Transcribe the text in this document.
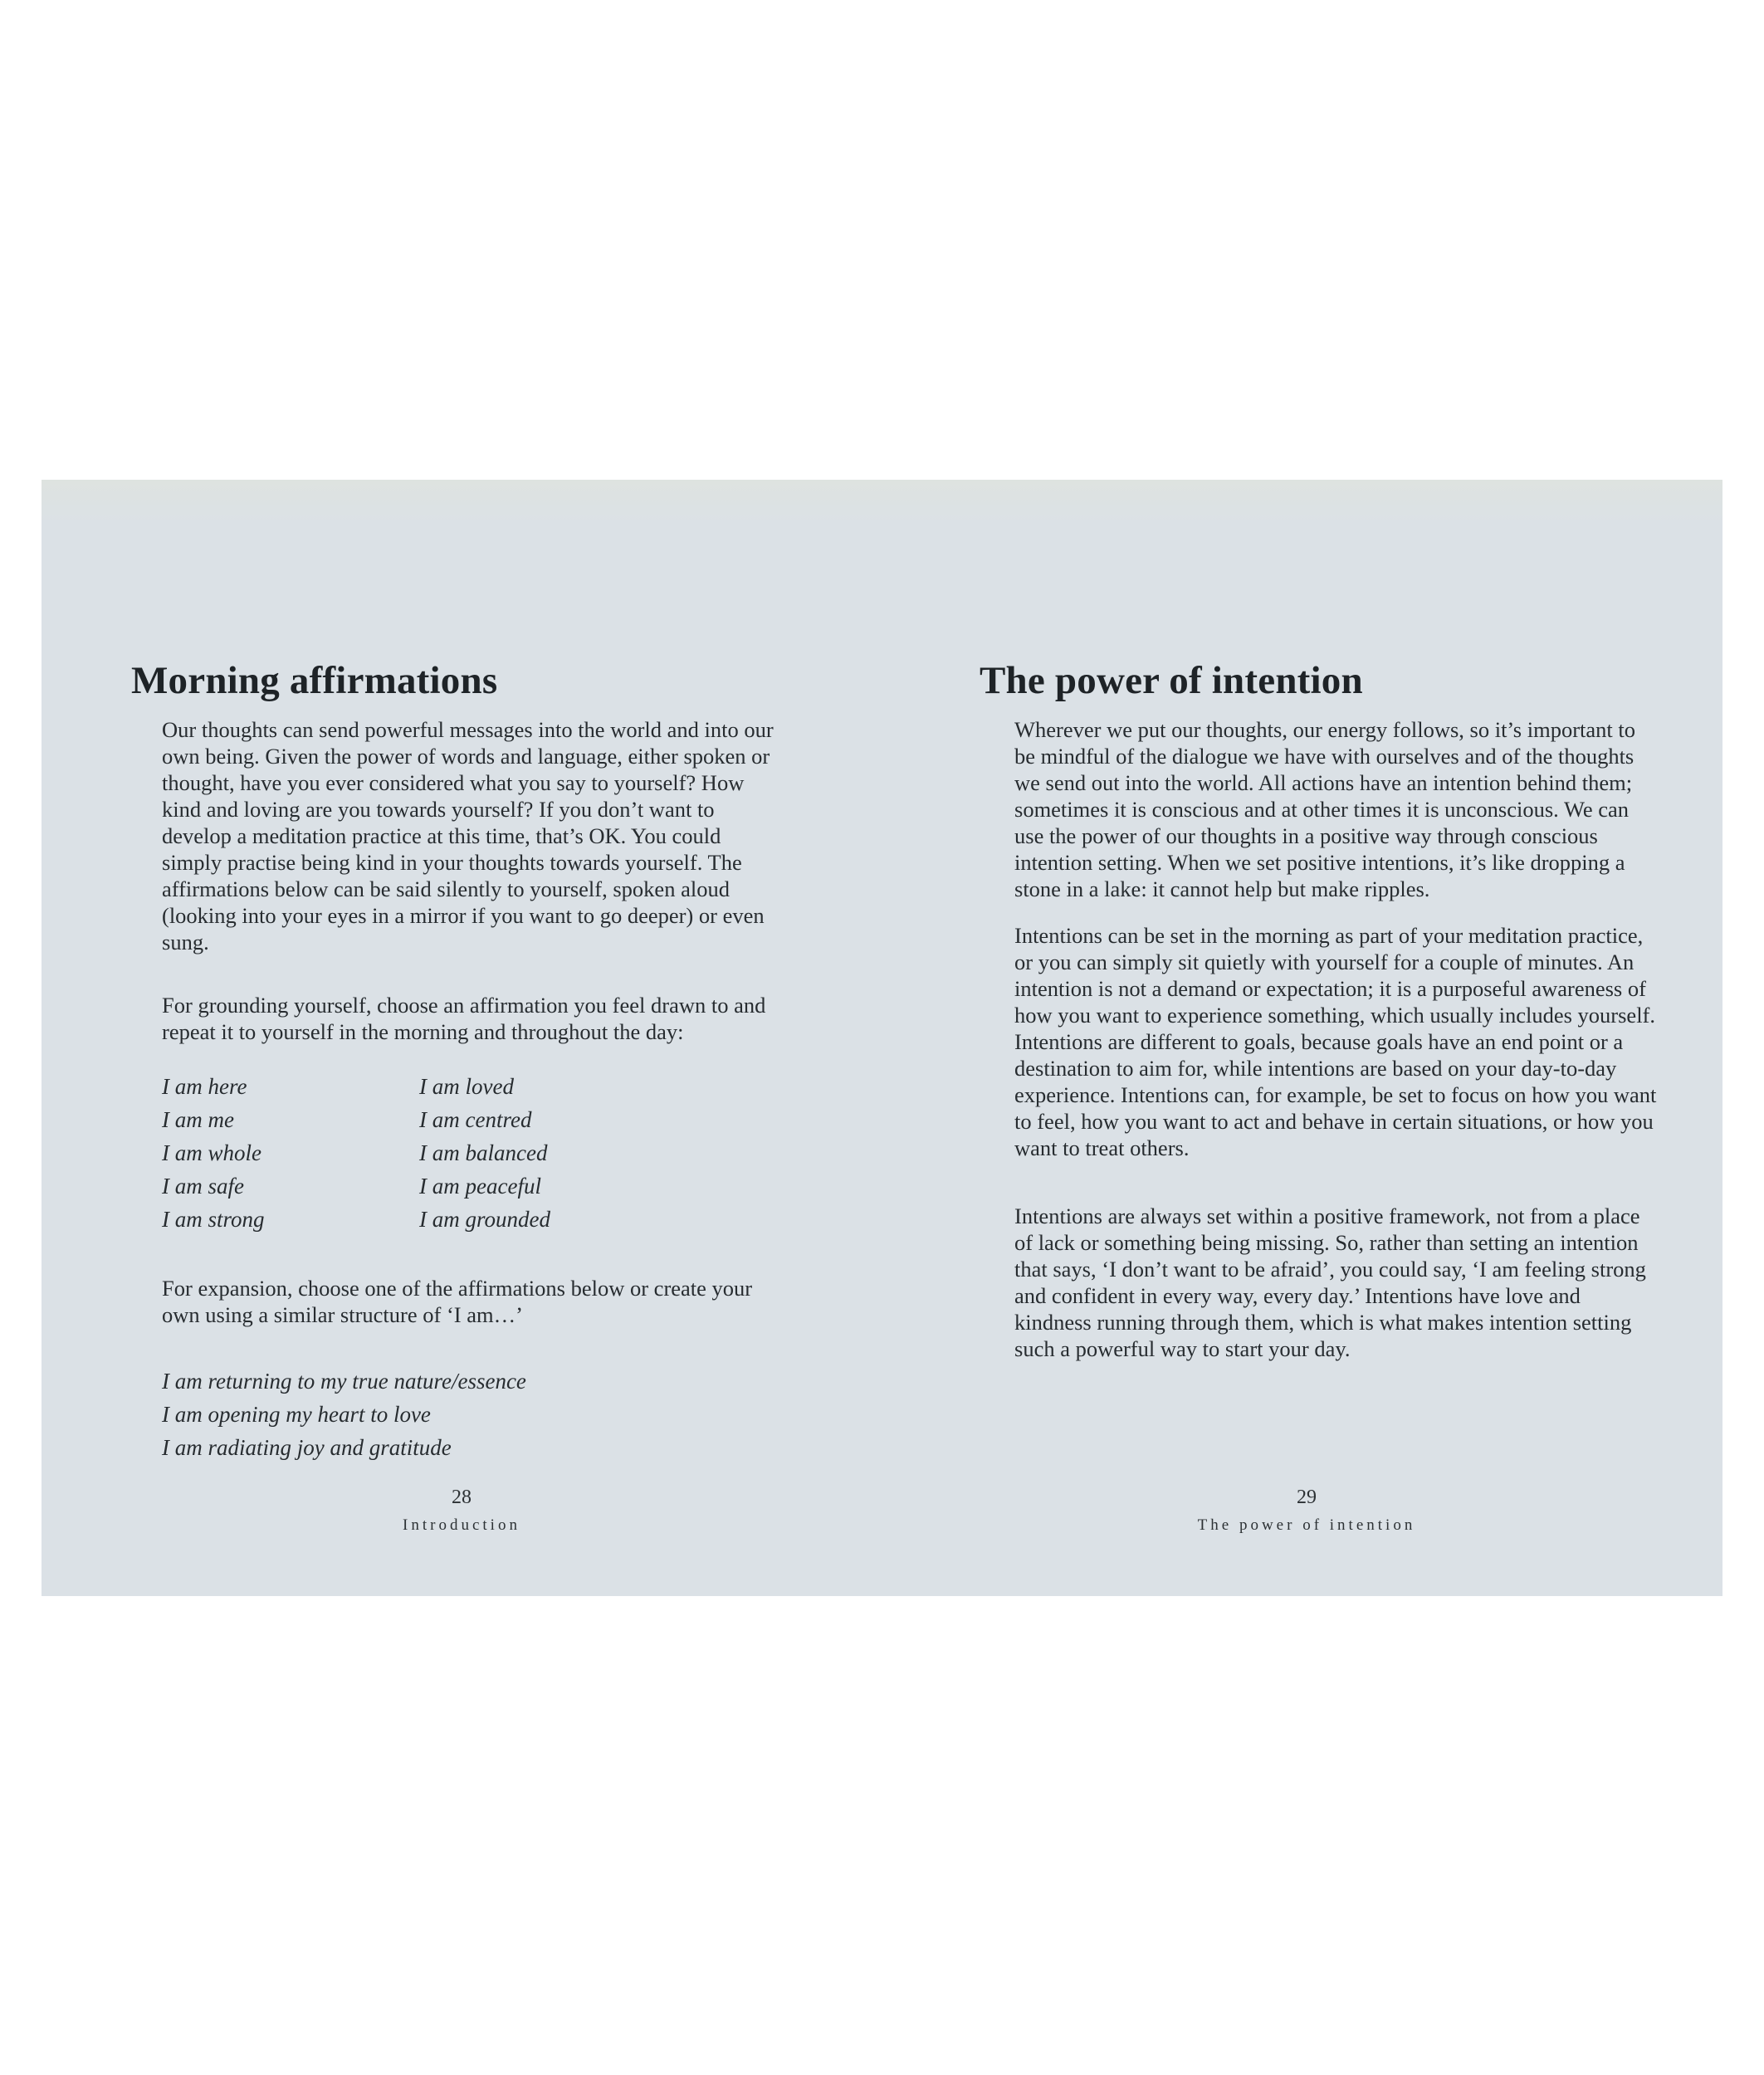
Morning affirmations	The power of intention

Our thoughts can send powerful messages into the world and into our own being. Given the power of words and language, either spoken or thought, have you ever considered what you say to yourself? How kind and loving are you towards yourself? If you don’t want to develop a meditation practice at this time, that’s OK. You could simply practise being kind in your thoughts towards yourself. The affirmations below can be said silently to yourself, spoken aloud (looking into your eyes in a mirror if you want to go deeper) or even sung.

For grounding yourself, choose an affirmation you feel drawn to and repeat it to yourself in the morning and throughout the day:

I am here	I am loved
I am me	I am centred
I am whole	I am balanced
I am safe	I am peaceful
I am strong	I am grounded

For expansion, choose one of the affirmations below or create your own using a similar structure of ‘I am…’

I am returning to my true nature/essence
I am opening my heart to love
I am radiating joy and gratitude

Wherever we put our thoughts, our energy follows, so it’s important to be mindful of the dialogue we have with ourselves and of the thoughts we send out into the world. All actions have an intention behind them; sometimes it is conscious and at other times it is unconscious. We can use the power of our thoughts in a positive way through conscious intention setting. When we set positive intentions, it’s like dropping a stone in a lake: it cannot help but make ripples.

Intentions can be set in the morning as part of your meditation practice, or you can simply sit quietly with yourself for a couple of minutes. An intention is not a demand or expectation; it is a purposeful awareness of how you want to experience something, which usually includes yourself. Intentions are different to goals, because goals have an end point or a destination to aim for, while intentions are based on your day-to-day experience. Intentions can, for example, be set to focus on how you want to feel, how you want to act and behave in certain situations, or how you want to treat others.

Intentions are always set within a positive framework, not from a place of lack or something being missing. So, rather than setting an intention that says, ‘I don’t want to be afraid’, you could say, ‘I am feeling strong and confident in every way, every day.’ Intentions have love and kindness running through them, which is what makes intention setting such a powerful way to start your day.

28
Introduction
29
The power of intention
